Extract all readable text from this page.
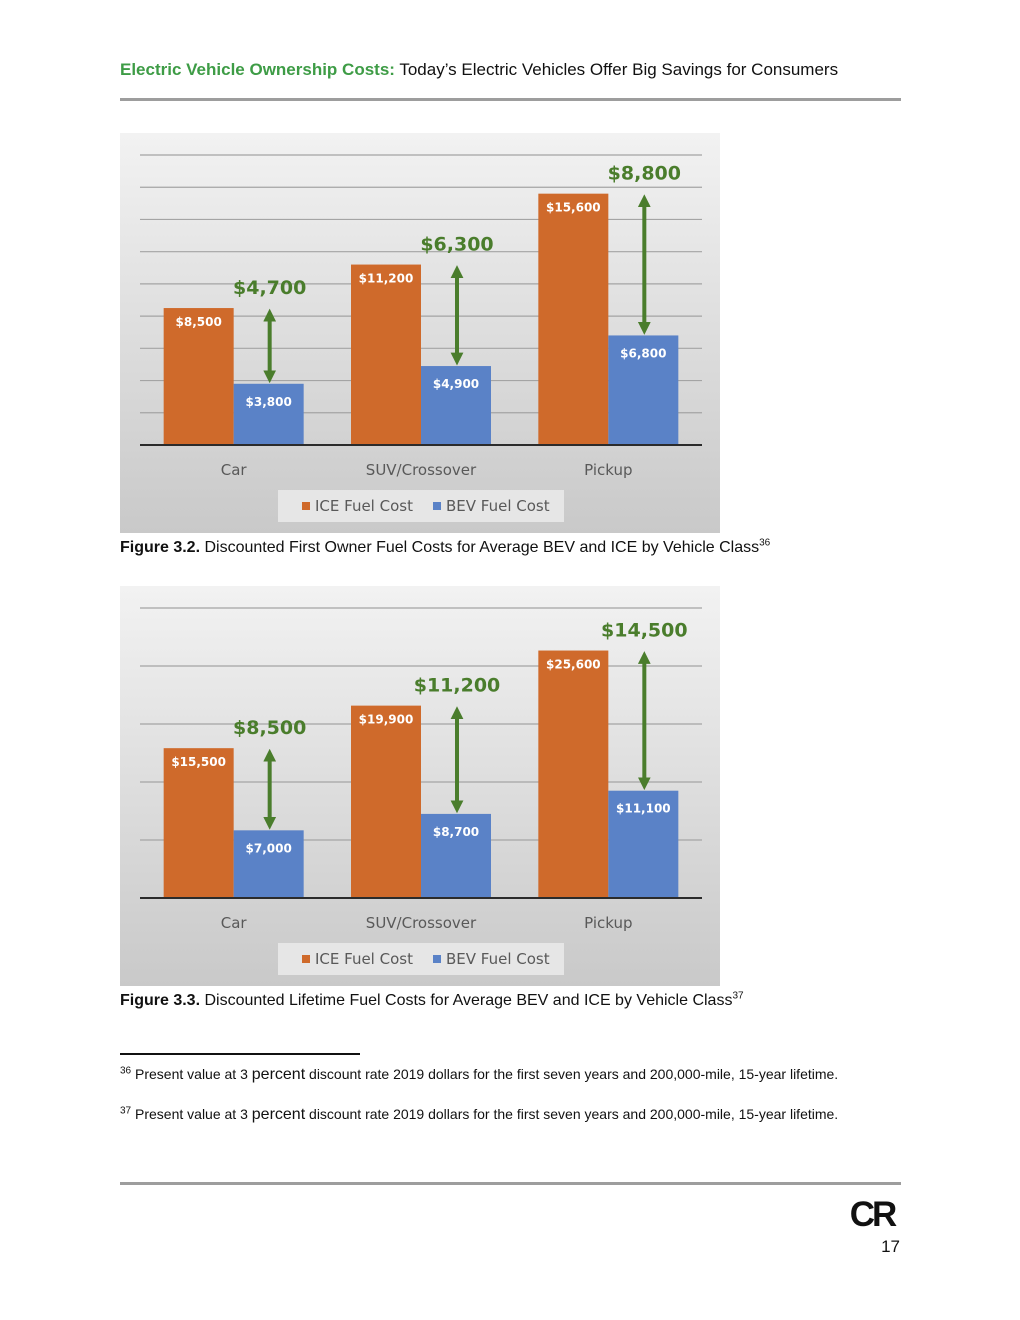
Electric Vehicle Ownership Costs: Today’s Electric Vehicles Offer Big Savings for Consumers
$8,500
$3,800
$4,700
Car
$11,200
$4,900
$6,300
SUV/Crossover
$15,600
$6,800
$8,800
Pickup
ICE Fuel Cost BEV Fuel Cost
Figure 3.2. Discounted First Owner Fuel Costs for Average BEV and ICE by Vehicle Class$^{36}$
$15,500
$7,000
$8,500
Car
$19,900
$8,700
$11,200
SUV/Crossover
$25,600
$11,100
$14,500
Pickup
ICE Fuel Cost BEV Fuel Cost
Figure 3.3. Discounted Lifetime Fuel Costs for Average BEV and ICE by Vehicle Class$^{37}$
$^{36}$ Present value at 3 percent discount rate 2019 dollars for the first seven years and 200,000-mile, 15-year lifetime.
$^{37}$ Present value at 3 percent discount rate 2019 dollars for the first seven years and 200,000-mile, 15-year lifetime.
CR
17
